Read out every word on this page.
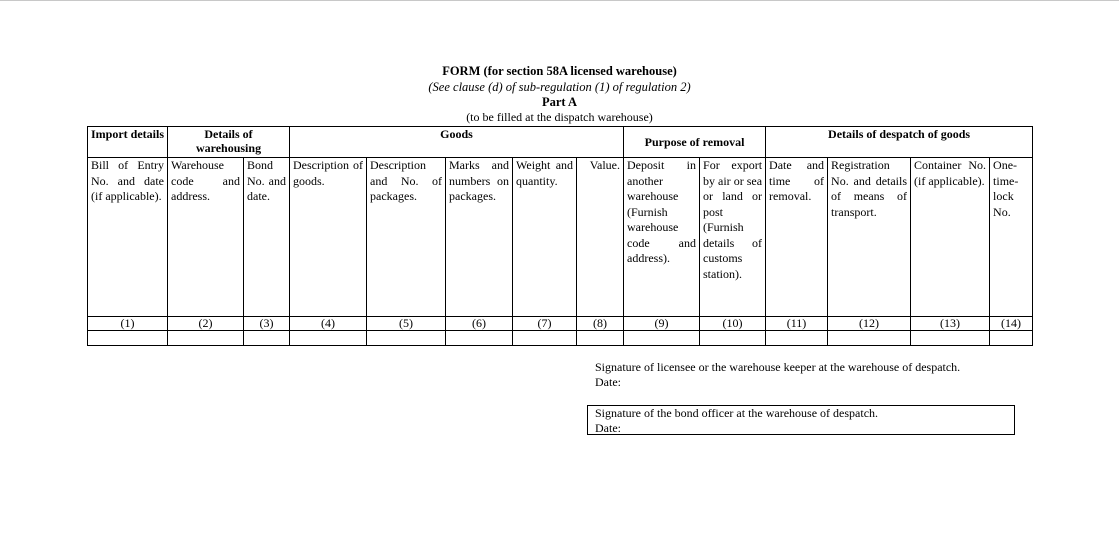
FORM (for section 58A licensed warehouse)
(See clause (d) of sub-regulation (1) of regulation 2)
Part A
(to be filled at the dispatch warehouse)
Import details	Details of warehousing		Goods					Purpose of removal		Details of despatch of goods			
Bill of Entry No. and date (if applicable).	Warehouse code and address.	Bond No. and date.	Description of goods.	Description and No. of packages.	Marks and numbers on packages.	Weight and quantity.	Value.	Deposit in another warehouse (Furnish warehouse code and address).	For export by air or sea or land or post (Furnish details of customs station).	Date and time of removal.	Registration No. and details of means of transport.	Container No. (if applicable).	One-time-lock No.
(1)	(2)	(3)	(4)	(5)	(6)	(7)	(8)	(9)	(10)	(11)	(12)	(13)	(14)

Signature of licensee or the warehouse keeper at the warehouse of despatch.
Date:
Signature of the bond officer at the warehouse of despatch.
Date:
